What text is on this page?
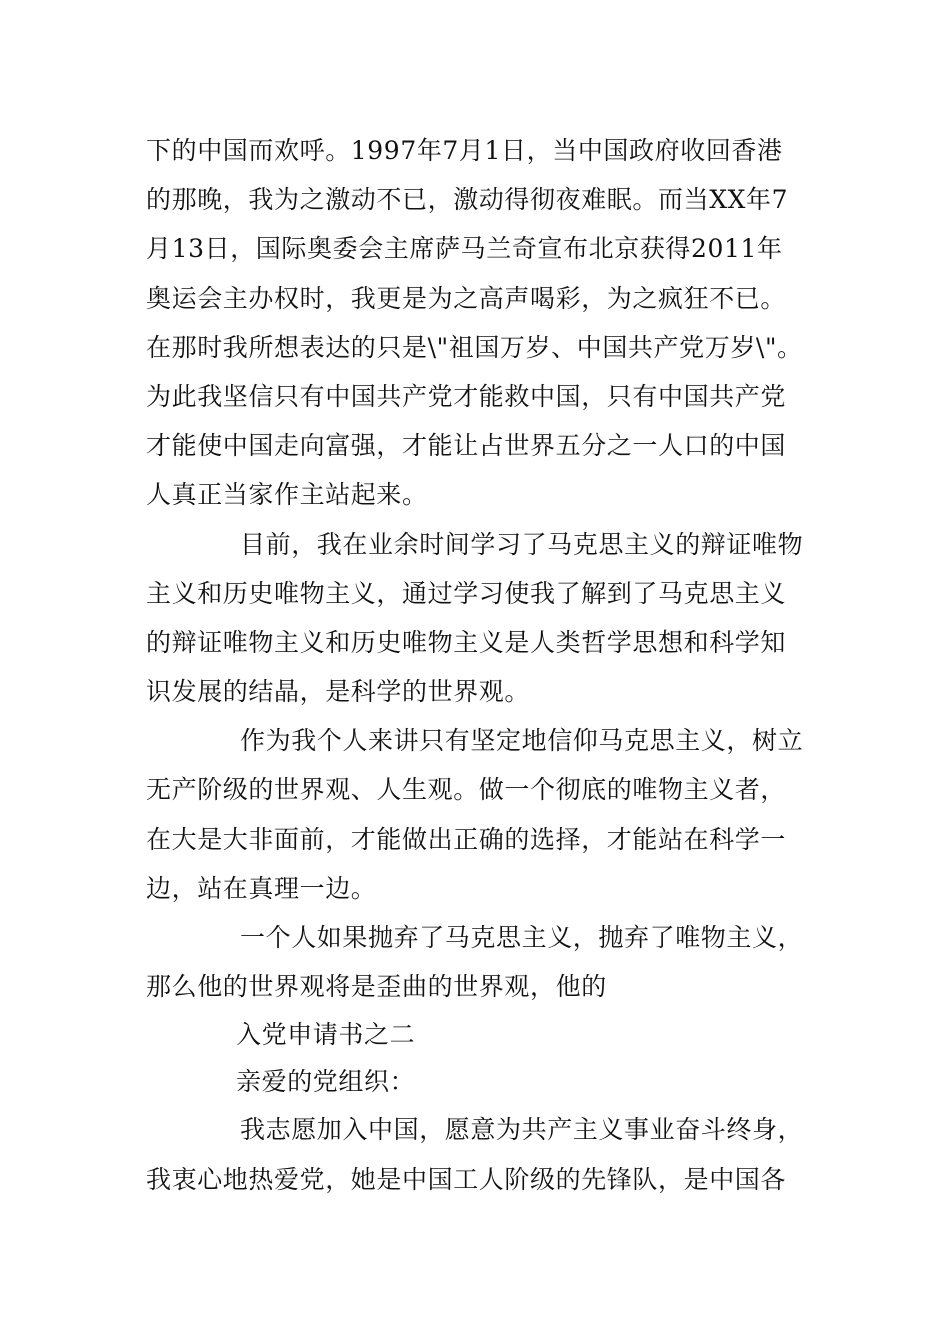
下的中国而欢呼。1997年7月1日，当中国政府收回香港
的那晚，我为之激动不已，激动得彻夜难眠。而当XX年7
月13日，国际奥委会主席萨马兰奇宣布北京获得2011年
奥运会主办权时，我更是为之高声喝彩，为之疯狂不已。
在那时我所想表达的只是\"祖国万岁、中国共产党万岁\"。
为此我坚信只有中国共产党才能救中国，只有中国共产党
才能使中国走向富强，才能让占世界五分之一人口的中国
人真正当家作主站起来。
目前，我在业余时间学习了马克思主义的辩证唯物
主义和历史唯物主义，通过学习使我了解到了马克思主义
的辩证唯物主义和历史唯物主义是人类哲学思想和科学知
识发展的结晶，是科学的世界观。
作为我个人来讲只有坚定地信仰马克思主义，树立
无产阶级的世界观、人生观。做一个彻底的唯物主义者，
在大是大非面前，才能做出正确的选择，才能站在科学一
边，站在真理一边。
一个人如果抛弃了马克思主义，抛弃了唯物主义，
那么他的世界观将是歪曲的世界观，他的
入党申请书之二
亲爱的党组织：
我志愿加入中国，愿意为共产主义事业奋斗终身，
我衷心地热爱党，她是中国工人阶级的先锋队，是中国各
